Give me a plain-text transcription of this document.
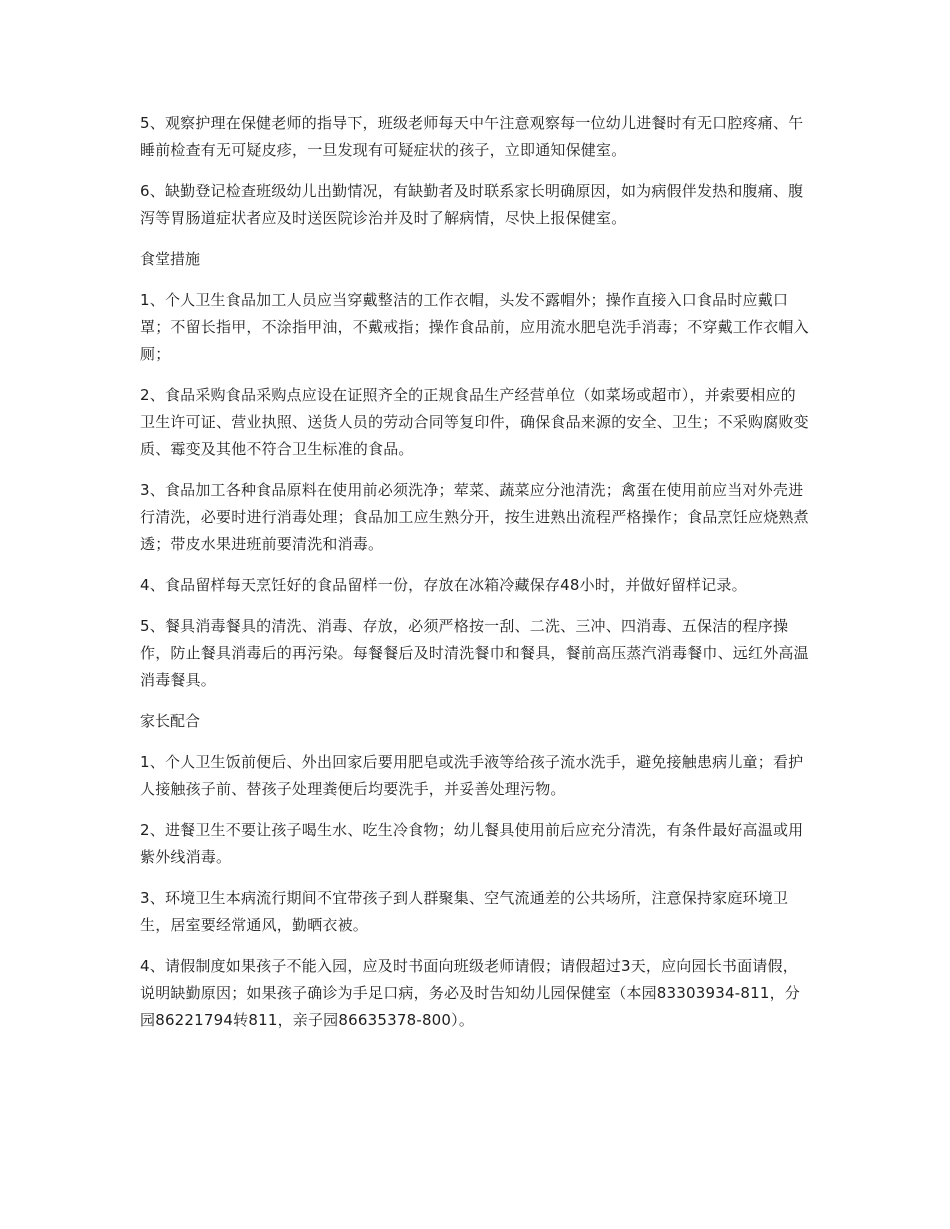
5、观察护理在保健老师的指导下，班级老师每天中午注意观察每一位幼儿进餐时有无口腔疼痛、午睡前检查有无可疑皮疹，一旦发现有可疑症状的孩子，立即通知保健室。

6、缺勤登记检查班级幼儿出勤情况，有缺勤者及时联系家长明确原因，如为病假伴发热和腹痛、腹泻等胃肠道症状者应及时送医院诊治并及时了解病情，尽快上报保健室。

食堂措施

1、个人卫生食品加工人员应当穿戴整洁的工作衣帽，头发不露帽外；操作直接入口食品时应戴口罩；不留长指甲，不涂指甲油，不戴戒指；操作食品前，应用流水肥皂洗手消毒；不穿戴工作衣帽入厕；

2、食品采购食品采购点应设在证照齐全的正规食品生产经营单位（如菜场或超市），并索要相应的卫生许可证、营业执照、送货人员的劳动合同等复印件，确保食品来源的安全、卫生；不采购腐败变质、霉变及其他不符合卫生标准的食品。

3、食品加工各种食品原料在使用前必须洗净；荤菜、蔬菜应分池清洗；禽蛋在使用前应当对外壳进行清洗，必要时进行消毒处理；食品加工应生熟分开，按生进熟出流程严格操作；食品烹饪应烧熟煮透；带皮水果进班前要清洗和消毒。

4、食品留样每天烹饪好的食品留样一份，存放在冰箱冷藏保存48小时，并做好留样记录。

5、餐具消毒餐具的清洗、消毒、存放，必须严格按一刮、二洗、三冲、四消毒、五保洁的程序操作，防止餐具消毒后的再污染。每餐餐后及时清洗餐巾和餐具，餐前高压蒸汽消毒餐巾、远红外高温消毒餐具。

家长配合

1、个人卫生饭前便后、外出回家后要用肥皂或洗手液等给孩子流水洗手，避免接触患病儿童；看护人接触孩子前、替孩子处理粪便后均要洗手，并妥善处理污物。

2、进餐卫生不要让孩子喝生水、吃生冷食物；幼儿餐具使用前后应充分清洗，有条件最好高温或用紫外线消毒。

3、环境卫生本病流行期间不宜带孩子到人群聚集、空气流通差的公共场所，注意保持家庭环境卫生，居室要经常通风，勤晒衣被。

4、请假制度如果孩子不能入园，应及时书面向班级老师请假；请假超过3天，应向园长书面请假，说明缺勤原因；如果孩子确诊为手足口病，务必及时告知幼儿园保健室（本园83303934-811，分园86221794转811，亲子园86635378-800）。
